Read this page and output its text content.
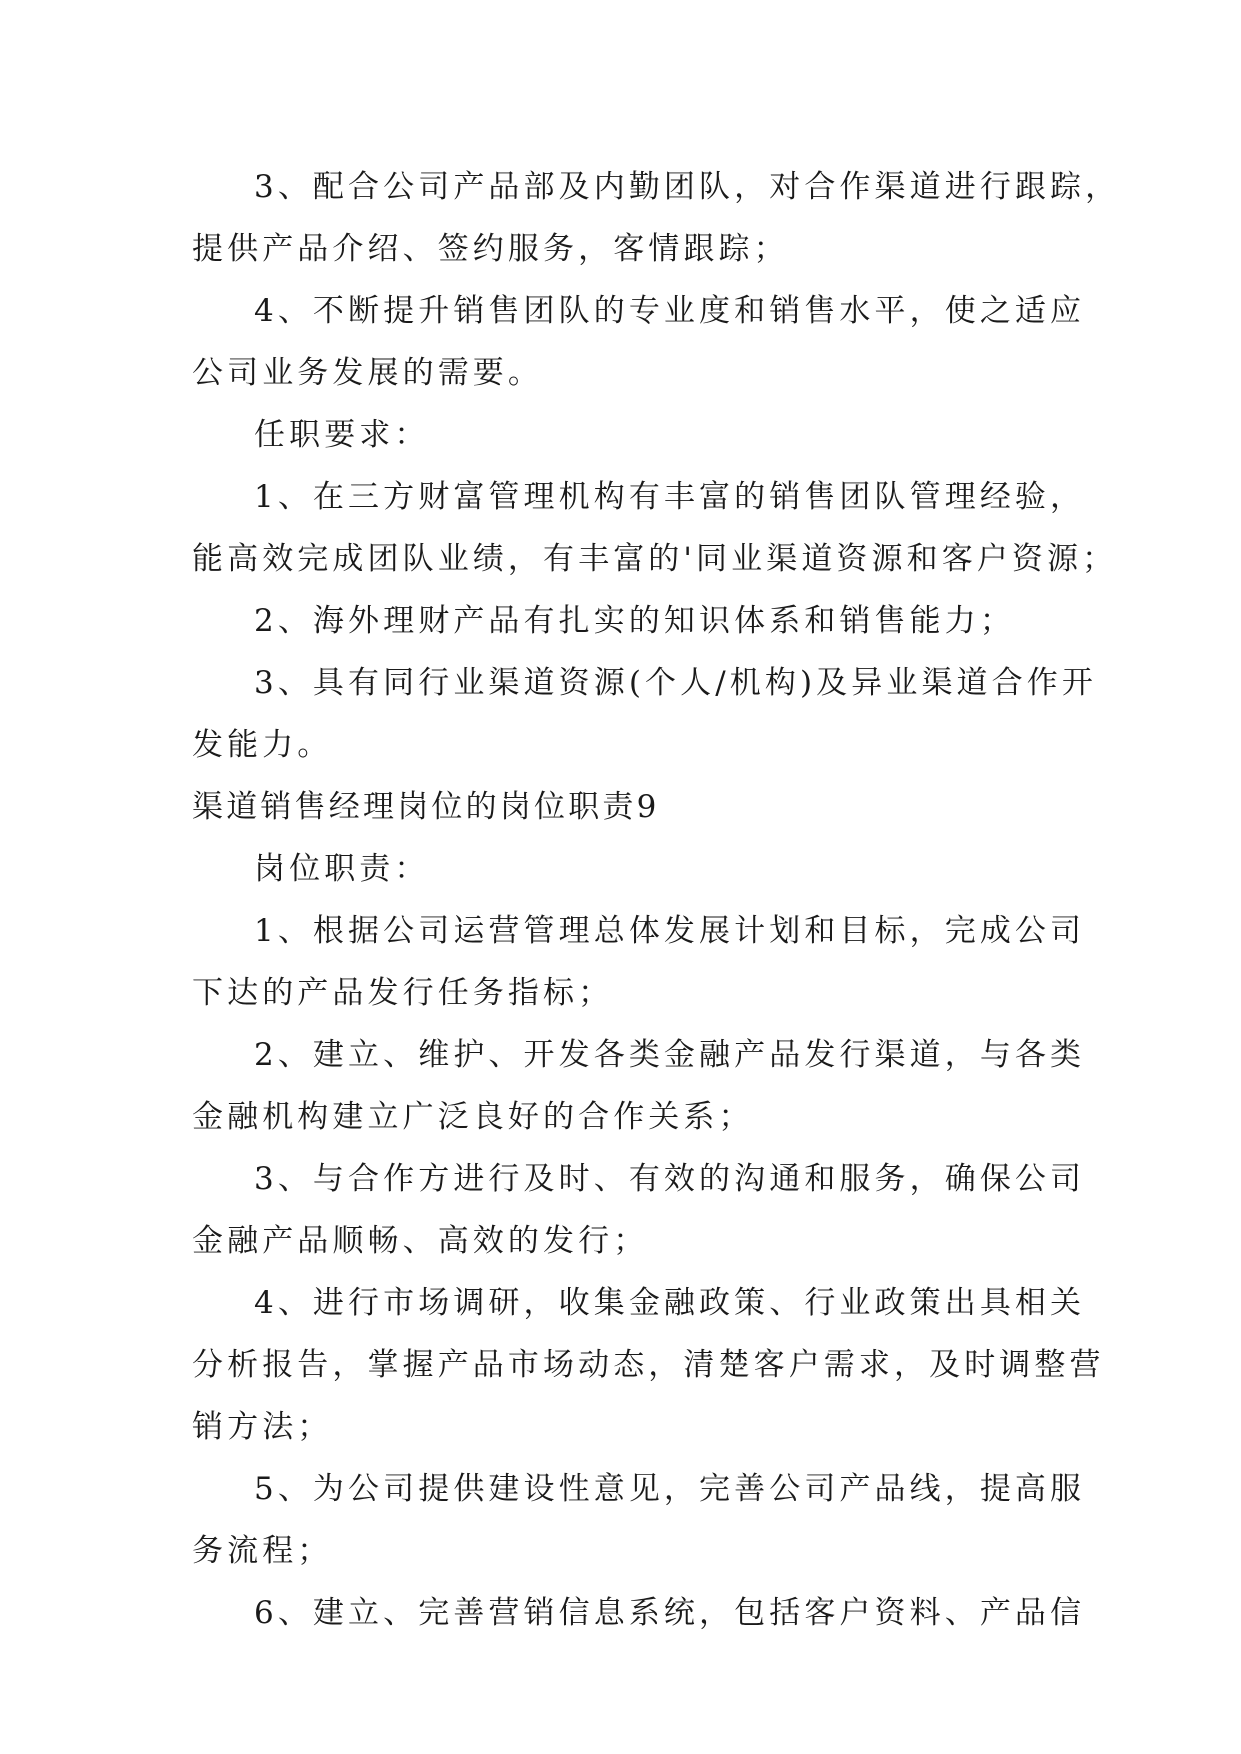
3、配合公司产品部及内勤团队，对合作渠道进行跟踪，
提供产品介绍、签约服务，客情跟踪；
4、不断提升销售团队的专业度和销售水平，使之适应
公司业务发展的需要。
任职要求：
1、在三方财富管理机构有丰富的销售团队管理经验，
能高效完成团队业绩，有丰富的'同业渠道资源和客户资源；
2、海外理财产品有扎实的知识体系和销售能力；
3、具有同行业渠道资源(个人/机构)及异业渠道合作开
发能力。
渠道销售经理岗位的岗位职责9
岗位职责：
1、根据公司运营管理总体发展计划和目标，完成公司
下达的产品发行任务指标；
2、建立、维护、开发各类金融产品发行渠道，与各类
金融机构建立广泛良好的合作关系；
3、与合作方进行及时、有效的沟通和服务，确保公司
金融产品顺畅、高效的发行；
4、进行市场调研，收集金融政策、行业政策出具相关
分析报告，掌握产品市场动态，清楚客户需求，及时调整营
销方法；
5、为公司提供建设性意见，完善公司产品线，提高服
务流程；
6、建立、完善营销信息系统，包括客户资料、产品信
